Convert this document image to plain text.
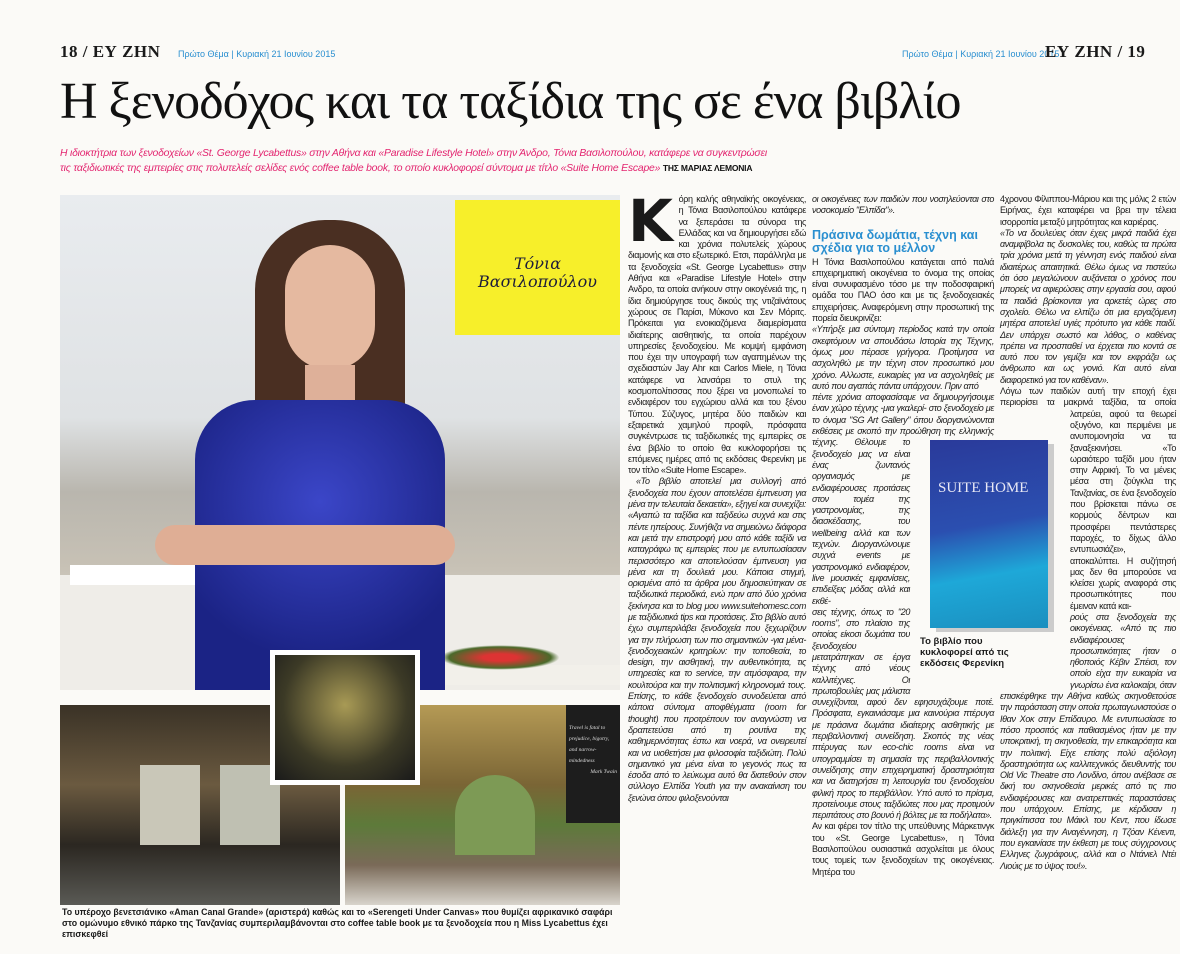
18 / ΕΥ ΖΗΝ Πρώτο Θέμα | Κυριακή 21 Ιουνίου 2015	Πρώτο Θέμα | Κυριακή 21 Ιουνίου 2015
ΕΥ ΖΗΝ / 19
Η ξενοδόχος και τα ταξίδια της σε ένα βιβλίο
Η ιδιοκτήτρια των ξενοδοχείων «St. George Lycabettus» στην Αθήνα και «Paradise Lifestyle Hotel» στην Άνδρο, Τόνια Βασιλοπούλου, κατάφερε να συγκεντρώσει
τις ταξιδιωτικές της εμπειρίες στις πολυτελείς σελίδες ενός coffee table book, το οποίο κυκλοφορεί σύντομα με τίτλο «Suite Home Escape» ΤΗΣ ΜΑΡΙΑΣ ΛΕΜΟΝΙΑ
Τόνια
Βασιλοπούλου
Travel is fatal to prejudice, bigotry, and narrow-mindedness
Mark Twain
Το υπέροχο βενετσιάνικο «Aman Canal Grande» (αριστερά) καθώς και το «Serengeti Under Canvas» που θυμίζει αφρικανικό σαφάρι στο ομώνυμο εθνικό πάρκο της Τανζανίας συμπεριλαμβάνονται στο coffee table book με τα ξενοδοχεία που η Miss Lycabettus έχει επισκεφθεί
Κ όρη καλής αθηναϊκής οικογένειας, η Τόνια Βασιλοπούλου κατάφερε να ξεπεράσει τα σύνορα της Ελλάδας και να δημιουργήσει εδώ και χρόνια πολυτελείς χώρους διαμονής και στο εξωτερικό. Ετσι, παράλληλα με τα ξενοδοχεία «St. George Lycabettus» στην Αθήνα και «Paradise Lifestyle Hotel» στην Ανδρο, τα οποία ανήκουν στην οικογένειά της, η ίδια δημιούργησε τους δικούς της ντιζαϊνάτους χώρους σε Παρίσι, Μύκονο και Σεν Μόριτς. Πρόκειται για ενοικιαζόμενα διαμερίσματα ιδιαίτερης αισθητικής, τα οποία παρέχουν υπηρεσίες ξενοδοχείου. Με κομψή εμφάνιση που έχει την υπογραφή των αγαπημένων της σχεδιαστών Jay Ahr και Carlos Miele, η Τόνια κατάφερε να λανσάρει το στυλ της κοσμοπολίτισσας που ξέρει να μονοπωλεί το ενδιαφέρον του εγχώριου αλλά και του ξένου Τύπου. Σύζυγος, μητέρα δύο παιδιών και εξαιρετικά χαμηλού προφίλ, πρόσφατα συγκέντρωσε τις ταξιδιωτικές της εμπειρίες σε ένα βιβλίο το οποίο θα κυκλοφορήσει τις επόμενες ημέρες από τις εκδόσεις Φερενίκη με τον τίτλο «Suite Home Escape».

«Το βιβλίο αποτελεί μια συλλογή από ξενοδοχεία που έχουν αποτελέσει έμπνευση για μένα την τελευταία δεκαετία», εξηγεί και συνεχίζει: «Αγαπώ τα ταξίδια και ταξιδεύω συχνά και στις πέντε ηπείρους. Συνήθιζα να σημειώνω διάφορα και μετά την επιστροφή μου από κάθε ταξίδι να καταγράφω τις εμπειρίες που με εντυπωσίασαν περισσότερο και αποτελούσαν έμπνευση για μένα και τη δουλειά μου. Κάποια στιγμή, ορισμένα από τα άρθρα μου δημοσιεύτηκαν σε ταξιδιωτικά περιοδικά, ενώ πριν από δύο χρόνια ξεκίνησα και το blog μου www.suitehomesc.com με ταξιδιωτικά tips και προτάσεις. Στο βιβλίο αυτό έχω συμπεριλάβει ξενοδοχεία που ξεχωρίζουν για την πλήρωση των πιο σημαντικών -για μένα- ξενοδοχειακών κριτηρίων: την τοποθεσία, το design, την αισθητική, την αυθεντικότητα, τις υπηρεσίες και το service, την ατμόσφαιρα, την κουλτούρα και την πολιτισμική κληρονομιά τους. Επίσης, το κάθε ξενοδοχείο συνοδεύεται από κάποια σύντομα αποφθέγματα (room for thought) που προτρέπουν τον αναγνώστη να δραπετεύσει από τη ρουτίνα της καθημερινότητας έστω και νοερά, να ονειρευτεί και να υιοθετήσει μια φιλοσοφία ταξιδιώτη. Πολύ σημαντικό για μένα είναι το γεγονός πως τα έσοδα από το λεύκωμα αυτό θα διατεθούν στον σύλλογο Ελπίδα Youth για την ανακαίνιση του ξενώνα όπου φιλοξενούνται

οι οικογένειες των παιδιών που νοσηλεύονται στο νοσοκομείο "Ελπίδα"».

Πράσινα δωμάτια, τέχνη και σχέδια για το μέλλον

Η Τόνια Βασιλοπούλου κατάγεται από παλιά επιχειρηματική οικογένεια το όνομα της οποίας είναι συνυφασμένο τόσο με την ποδοσφαιρική ομάδα του ΠΑΟ όσο και με τις ξενοδοχειακές επιχειρήσεις. Αναφερόμενη στην προσωπική της πορεία διευκρινίζει:

«Υπήρξε μια σύντομη περίοδος κατά την οποία σκεφτόμουν να σπουδάσω Ιστορία της Τέχνης, όμως μου πέρασε γρήγορα. Προτίμησα να ασχοληθώ με την τέχνη στον προσωπικό μου χρόνο. Αλλωστε, ευκαιρίες για να ασχοληθείς με αυτό που αγαπάς πάντα υπάρχουν. Πριν από

πέντε χρόνια αποφασίσαμε να δημιουργήσουμε έναν χώρο τέχνης -μια γκαλερί- στο ξενοδοχείο με το όνομα "SG Art Gallery" όπου διοργανώνονται εκθέσεις με σκοπό την προώθηση της ελληνικής τέχνης. Θέλουμε το ξενοδοχείο μας να είναι ένας ζωντανός οργανισμός με ενδιαφέρουσες προτάσεις στον τομέα της γαστρονομίας, της διασκέδασης, του wellbeing αλλά και των τεχνών. Διοργανώνουμε συχνά events με γαστρονομικό ενδιαφέρον, live μουσικές εμφανίσεις, επιδείξεις μόδας αλλά και εκθέ-

σεις τέχνης, όπως το "20 rooms", στο πλαίσιο της οποίας είκοσι δωμάτια του ξενοδοχείου μετατράπηκαν σε έργα τέχνης από νέους καλλιτέχνες. Οι πρωτοβουλίες μας μάλιστα συνεχίζονται, αφού δεν εφησυχάζουμε ποτέ. Πρόσφατα, εγκαινιάσαμε μια καινούρια πτέρυγα με πράσινα δωμάτια ιδιαίτερης αισθητικής με περιβαλλοντική συνείδηση. Σκοπός της νέας πτέρυγας των eco-chic rooms είναι να υπογραμμίσει τη σημασία της περιβαλλοντικής συνείδησης στην επιχειρηματική δραστηριότητα και να διατηρήσει τη λειτουργία του ξενοδοχείου φιλική προς το περιβάλλον. Υπό αυτό το πρίσμα, προτείνουμε στους ταξιδιώτες που μας προτιμούν περιπάτους στο βουνό ή βόλτες με τα ποδήλατα».

Αν και φέρει τον τίτλο της υπεύθυνης Μάρκετινγκ του «St. George Lycabettus», η Τόνια Βασιλοπούλου ουσιαστικά ασχολείται με όλους τους τομείς των ξενοδοχείων της οικογένειας. Μητέρα του

SUITE HOME
Το βιβλίο που κυκλοφορεί από τις εκδόσεις Φερενίκη

4χρονου Φίλιππου-Μάριου και της μόλις 2 ετών Ειρήνας, έχει καταφέρει να βρει την τέλεια ισορροπία μεταξύ μητρότητας και καριέρας.

«Το να δουλεύεις όταν έχεις μικρά παιδιά έχει αναμφίβολα τις δυσκολίες του, καθώς τα πρώτα τρία χρόνια μετά τη γέννηση ενός παιδιού είναι ιδιαιτέρως απαιτητικά. Θέλω όμως να πιστεύω ότι όσο μεγαλώνουν αυξάνεται ο χρόνος που μπορείς να αφιερώσεις στην εργασία σου, αφού τα παιδιά βρίσκονται για αρκετές ώρες στο σχολείο. Θέλω να ελπίζω ότι μια εργαζόμενη μητέρα αποτελεί υγιές πρότυπο για κάθε παιδί. Δεν υπάρχει σωστό και λάθος, ο καθένας πρέπει να προσπαθεί να έρχεται πιο κοντά σε αυτό που τον γεμίζει και τον εκφράζει ως άνθρωπο και ως γονιό. Και αυτό είναι διαφορετικό για τον καθέναν».

Λόγω των παιδιών αυτή την εποχή έχει περιορίσει τα μακρινά ταξίδια, τα οποία λατρεύει, αφού τα θεωρεί οξυγόνο, και περιμένει με ανυπομονησία να τα ξαναξεκινήσει. «Το ωραιότερο ταξίδι μου ήταν στην Αφρική. Το να μένεις μέσα στη ζούγκλα της Τανζανίας, σε ένα ξενοδοχείο που βρίσκεται πάνω σε κορμούς δέντρων και προσφέρει πεντάστερες παροχές, το δίχως άλλο εντυπωσιάζει», αποκαλύπτει. Η συζήτησή μας δεν θα μπορούσε να κλείσει χωρίς αναφορά στις προσωπικότητες που έμειναν κατά και-

ρούς στα ξενοδοχεία της οικογένειας. «Από τις πιο ενδιαφέρουσες προσωπικότητες ήταν ο ηθοποιός Κέβιν Σπέισι, τον οποίο είχα την ευκαιρία να γνωρίσω ένα καλοκαίρι, όταν επισκέφθηκε την Αθήνα καθώς σκηνοθετούσε την παράσταση στην οποία πρωταγωνιστούσε ο Ιθαν Χοκ στην Επίδαυρο. Με εντυπωσίασε το πόσο προσιτός και παθιασμένος ήταν με την υποκριτική, τη σκηνοθεσία, την επικαιρότητα και την πολιτική. Είχε επίσης πολύ αξιόλογη δραστηριότητα ως καλλιτεχνικός διευθυντής του Old Vic Theatre στο Λονδίνο, όπου ανέβασε σε δική του σκηνοθεσία μερικές από τις πιο ενδιαφέρουσες και ανατρεπτικές παραστάσεις που υπάρχουν. Επίσης, με κέρδισαν η πριγκίπισσα του Μάικλ του Κεντ, που ίδωσε διάλεξη για την Αναγέννηση, η Τζόαν Κένεντι, που εγκαινίασε την έκθεση με τους σύγχρονους Ελληνες ζωγράφους, αλλά και ο Ντάνιελ Ντέι Λιούις με το ύψος του!».
